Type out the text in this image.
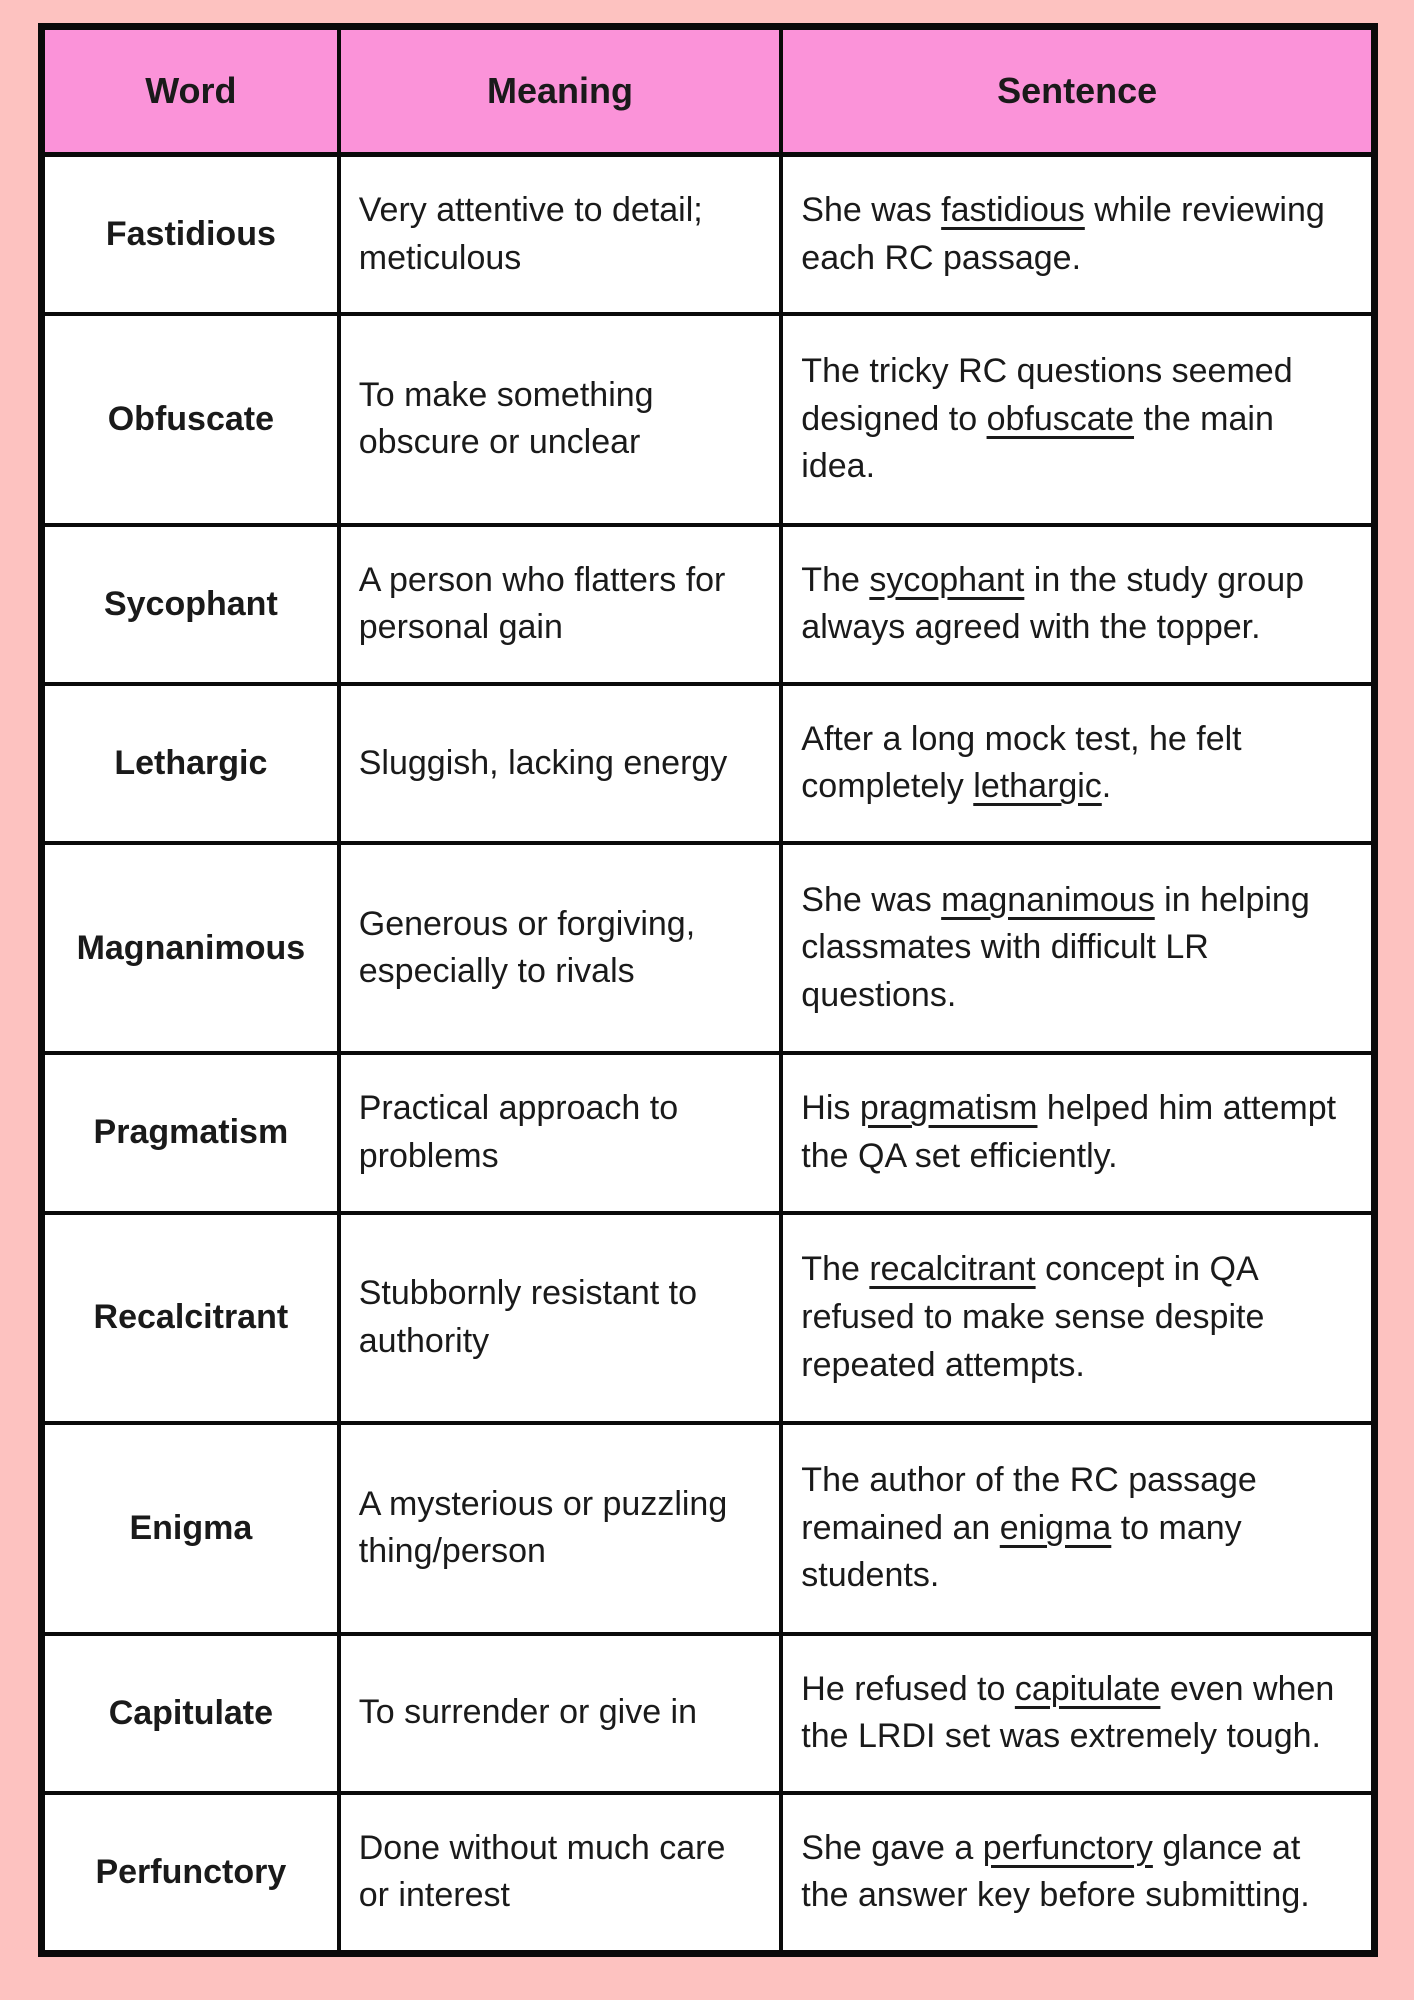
Word	Meaning	Sentence
Fastidious	Very attentive to detail; meticulous	She was fastidious while reviewing each RC passage.
Obfuscate	To make something obscure or unclear	The tricky RC questions seemed designed to obfuscate the main idea.
Sycophant	A person who flatters for personal gain	The sycophant in the study group always agreed with the topper.
Lethargic	Sluggish, lacking energy	After a long mock test, he felt completely lethargic.
Magnanimous	Generous or forgiving, especially to rivals	She was magnanimous in helping classmates with difficult LR questions.
Pragmatism	Practical approach to problems	His pragmatism helped him attempt the QA set efficiently.
Recalcitrant	Stubbornly resistant to authority	The recalcitrant concept in QA refused to make sense despite repeated attempts.
Enigma	A mysterious or puzzling thing/person	The author of the RC passage remained an enigma to many students.
Capitulate	To surrender or give in	He refused to capitulate even when the LRDI set was extremely tough.
Perfunctory	Done without much care or interest	She gave a perfunctory glance at the answer key before submitting.
